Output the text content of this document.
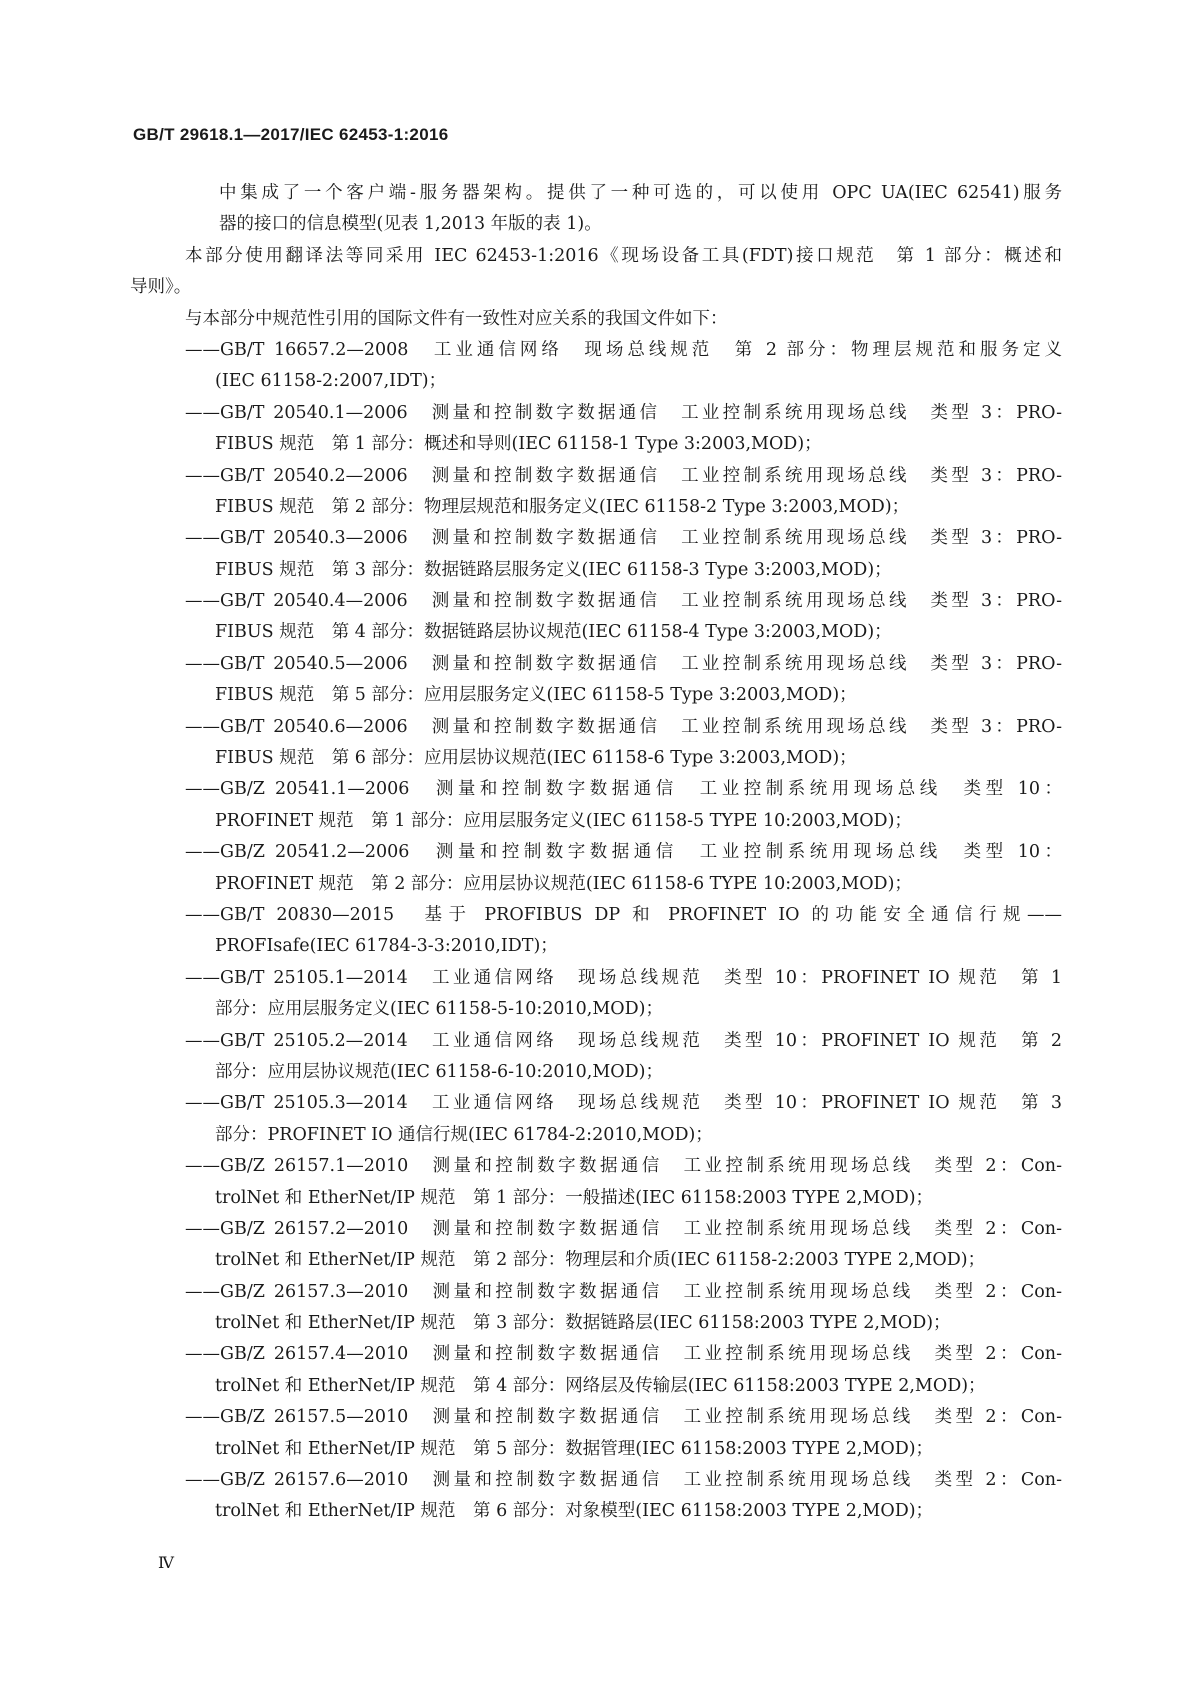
GB/T 29618.1—2017/IEC 62453-1:2016
中集成了一个客户端-服务器架构。提供了一种可选的，可以使用 OPC UA(IEC 62541)服务
器的接口的信息模型(见表 1,2013 年版的表 1)。
本部分使用翻译法等同采用 IEC 62453-1:2016《现场设备工具(FDT)接口规范　第 1 部分：概述和
导则》。
与本部分中规范性引用的国际文件有一致性对应关系的我国文件如下：
——GB/T 16657.2—2008　工业通信网络　现场总线规范　第 2 部分：物理层规范和服务定义
(IEC 61158-2:2007,IDT)；
——GB/T 20540.1—2006　测量和控制数字数据通信　工业控制系统用现场总线　类型 3：PRO-
FIBUS 规范　第 1 部分：概述和导则(IEC 61158-1 Type 3:2003,MOD)；
——GB/T 20540.2—2006　测量和控制数字数据通信　工业控制系统用现场总线　类型 3：PRO-
FIBUS 规范　第 2 部分：物理层规范和服务定义(IEC 61158-2 Type 3:2003,MOD)；
——GB/T 20540.3—2006　测量和控制数字数据通信　工业控制系统用现场总线　类型 3：PRO-
FIBUS 规范　第 3 部分：数据链路层服务定义(IEC 61158-3 Type 3:2003,MOD)；
——GB/T 20540.4—2006　测量和控制数字数据通信　工业控制系统用现场总线　类型 3：PRO-
FIBUS 规范　第 4 部分：数据链路层协议规范(IEC 61158-4 Type 3:2003,MOD)；
——GB/T 20540.5—2006　测量和控制数字数据通信　工业控制系统用现场总线　类型 3：PRO-
FIBUS 规范　第 5 部分：应用层服务定义(IEC 61158-5 Type 3:2003,MOD)；
——GB/T 20540.6—2006　测量和控制数字数据通信　工业控制系统用现场总线　类型 3：PRO-
FIBUS 规范　第 6 部分：应用层协议规范(IEC 61158-6 Type 3:2003,MOD)；
——GB/Z 20541.1—2006　测量和控制数字数据通信　工业控制系统用现场总线　类型 10：
PROFINET 规范　第 1 部分：应用层服务定义(IEC 61158-5 TYPE 10:2003,MOD)；
——GB/Z 20541.2—2006　测量和控制数字数据通信　工业控制系统用现场总线　类型 10：
PROFINET 规范　第 2 部分：应用层协议规范(IEC 61158-6 TYPE 10:2003,MOD)；
——GB/T 20830—2015　基于 PROFIBUS DP 和 PROFINET IO 的功能安全通信行规——
PROFIsafe(IEC 61784-3-3:2010,IDT)；
——GB/T 25105.1—2014　工业通信网络　现场总线规范　类型 10：PROFINET IO 规范　第 1
部分：应用层服务定义(IEC 61158-5-10:2010,MOD)；
——GB/T 25105.2—2014　工业通信网络　现场总线规范　类型 10：PROFINET IO 规范　第 2
部分：应用层协议规范(IEC 61158-6-10:2010,MOD)；
——GB/T 25105.3—2014　工业通信网络　现场总线规范　类型 10：PROFINET IO 规范　第 3
部分：PROFINET IO 通信行规(IEC 61784-2:2010,MOD)；
——GB/Z 26157.1—2010　测量和控制数字数据通信　工业控制系统用现场总线　类型 2：Con-
trolNet 和 EtherNet/IP 规范　第 1 部分：一般描述(IEC 61158:2003 TYPE 2,MOD)；
——GB/Z 26157.2—2010　测量和控制数字数据通信　工业控制系统用现场总线　类型 2：Con-
trolNet 和 EtherNet/IP 规范　第 2 部分：物理层和介质(IEC 61158-2:2003 TYPE 2,MOD)；
——GB/Z 26157.3—2010　测量和控制数字数据通信　工业控制系统用现场总线　类型 2：Con-
trolNet 和 EtherNet/IP 规范　第 3 部分：数据链路层(IEC 61158:2003 TYPE 2,MOD)；
——GB/Z 26157.4—2010　测量和控制数字数据通信　工业控制系统用现场总线　类型 2：Con-
trolNet 和 EtherNet/IP 规范　第 4 部分：网络层及传输层(IEC 61158:2003 TYPE 2,MOD)；
——GB/Z 26157.5—2010　测量和控制数字数据通信　工业控制系统用现场总线　类型 2：Con-
trolNet 和 EtherNet/IP 规范　第 5 部分：数据管理(IEC 61158:2003 TYPE 2,MOD)；
——GB/Z 26157.6—2010　测量和控制数字数据通信　工业控制系统用现场总线　类型 2：Con-
trolNet 和 EtherNet/IP 规范　第 6 部分：对象模型(IEC 61158:2003 TYPE 2,MOD)；
Ⅳ
